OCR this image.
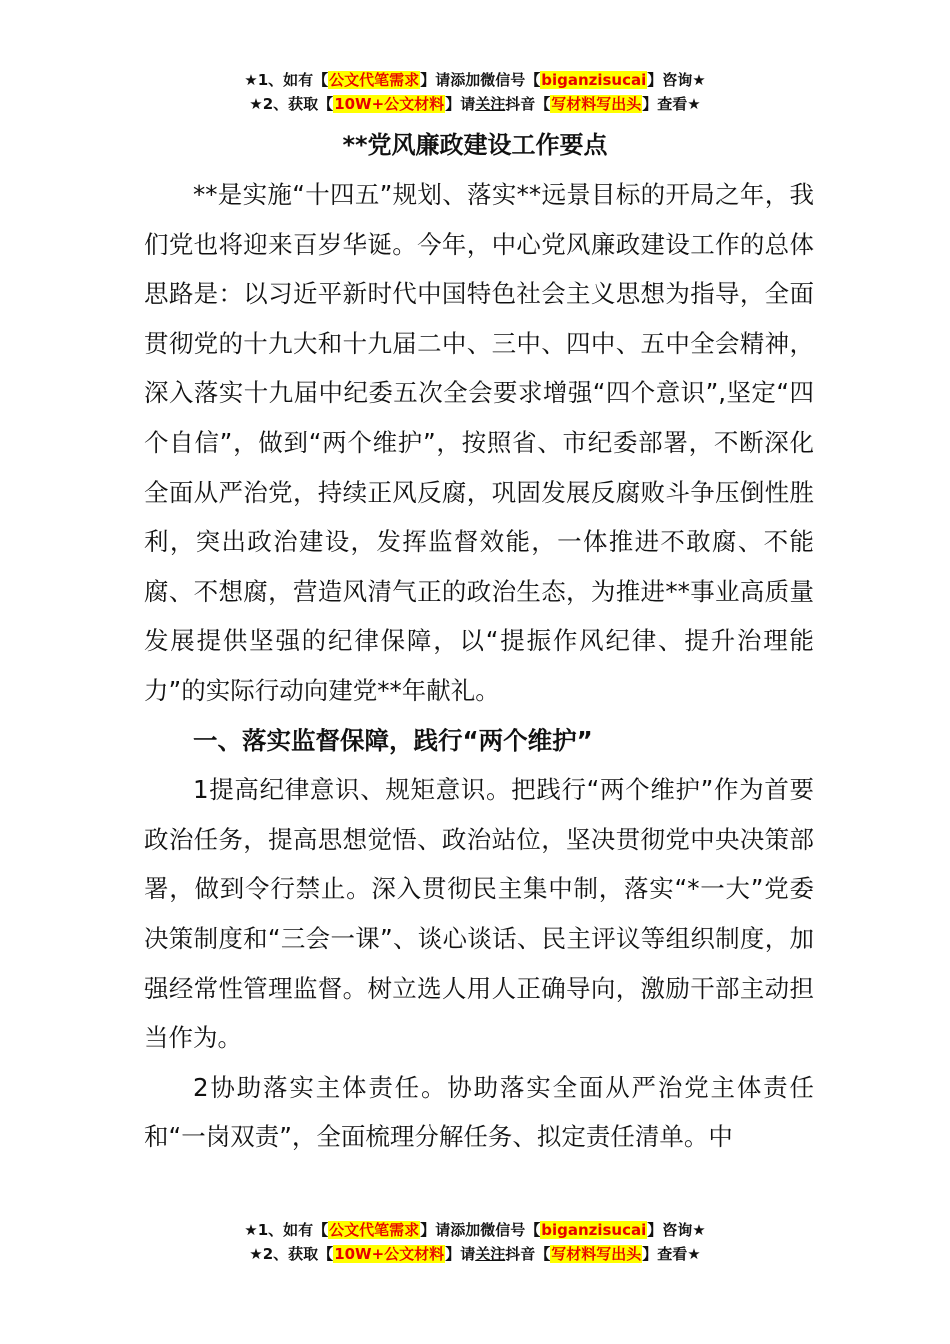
★1、如有【公文代笔需求】请添加微信号【biganzisucai】咨询★
★2、获取【10W+公文材料】请关注抖音【写材料写出头】查看★
**党风廉政建设工作要点

**是实施“十四五”规划、落实**远景目标的开局之年，我们党也将迎来百岁华诞。今年，中心党风廉政建设工作的总体思路是：以习近平新时代中国特色社会主义思想为指导，全面贯彻党的十九大和十九届二中、三中、四中、五中全会精神，深入落实十九届中纪委五次全会要求增强“四个意识”,坚定“四个自信”，做到“两个维护”，按照省、市纪委部署，不断深化全面从严治党，持续正风反腐，巩固发展反腐败斗争压倒性胜利，突出政治建设，发挥监督效能，一体推进不敢腐、不能腐、不想腐，营造风清气正的政治生态，为推进**事业高质量发展提供坚强的纪律保障，以“提振作风纪律、提升治理能力”的实际行动向建党**年献礼。

一、落实监督保障，践行“两个维护”

1提高纪律意识、规矩意识。把践行“两个维护”作为首要政治任务，提高思想觉悟、政治站位，坚决贯彻党中央决策部署，做到令行禁止。深入贯彻民主集中制，落实“*一大”党委决策制度和“三会一课”、谈心谈话、民主评议等组织制度，加强经常性管理监督。树立选人用人正确导向，激励干部主动担当作为。

2协助落实主体责任。协助落实全面从严治党主体责任和“一岗双责”，全面梳理分解任务、拟定责任清单。中

★1、如有【公文代笔需求】请添加微信号【biganzisucai】咨询★
★2、获取【10W+公文材料】请关注抖音【写材料写出头】查看★
